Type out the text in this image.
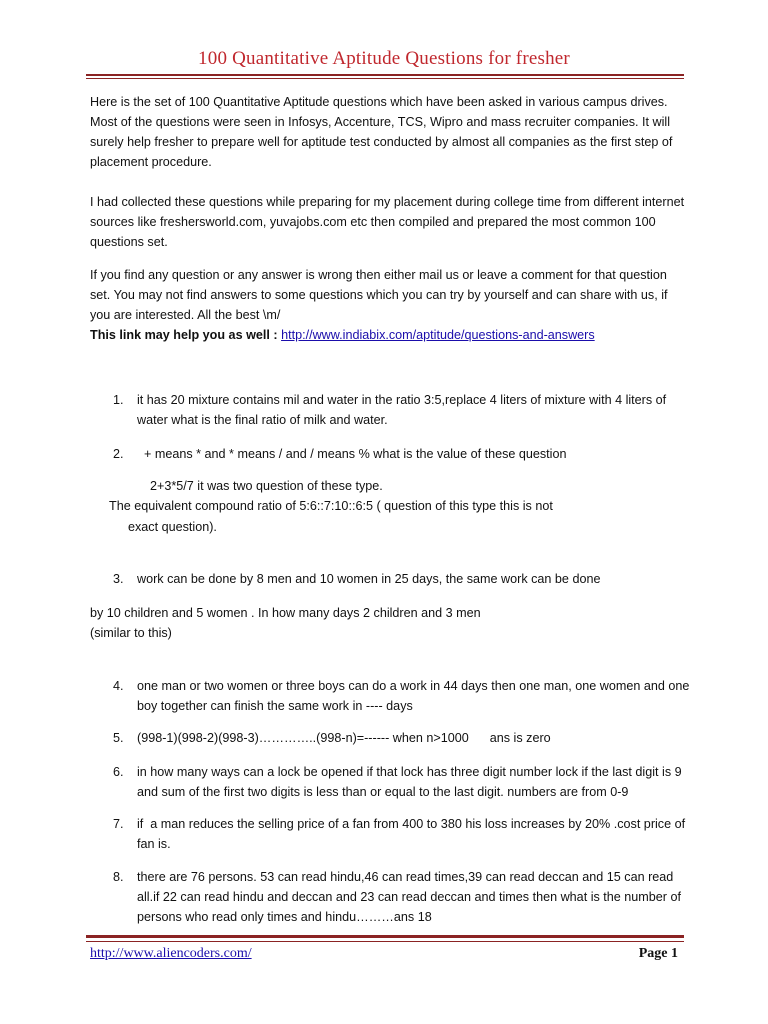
100 Quantitative Aptitude Questions for fresher

Here is the set of 100 Quantitative Aptitude questions which have been asked in various campus drives. Most of the questions were seen in Infosys, Accenture, TCS, Wipro and mass recruiter companies. It will surely help fresher to prepare well for aptitude test conducted by almost all companies as the first step of placement procedure.

I had collected these questions while preparing for my placement during college time from different internet sources like freshersworld.com, yuvajobs.com etc then compiled and prepared the most common 100 questions set.

If you find any question or any answer is wrong then either mail us or leave a comment for that question set. You may not find answers to some questions which you can try by yourself and can share with us, if you are interested. All the best \m/

This link may help you as well : http://www.indiabix.com/aptitude/questions-and-answers

1. it has 20 mixture contains mil and water in the ratio 3:5,replace 4 liters of mixture with 4 liters of water what is the final ratio of milk and water.
2. + means * and * means / and / means % what is the value of these question
2+3*5/7 it was two question of these type.
The equivalent compound ratio of 5:6::7:10::6:5 ( question of this type this is not
exact question).
3. work can be done by 8 men and 10 women in 25 days, the same work can be done
by 10 children and 5 women . In how many days 2 children and 3 men
(similar to this)
4. one man or two women or three boys can do a work in 44 days then one man, one women and one boy together can finish the same work in ---- days
5. (998-1)(998-2)(998-3)…………..(998-n)=------ when n>1000      ans is zero
6. in how many ways can a lock be opened if that lock has three digit number lock if the last digit is 9 and sum of the first two digits is less than or equal to the last digit. numbers are from 0-9
7. if  a man reduces the selling price of a fan from 400 to 380 his loss increases by 20% .cost price of  fan is.
8. there are 76 persons. 53 can read hindu,46 can read times,39 can read deccan and 15 can read all.if 22 can read hindu and deccan and 23 can read deccan and times then what is the number of persons who read only times and hindu………ans 18
http://www.aliencoders.com/	Page 1
